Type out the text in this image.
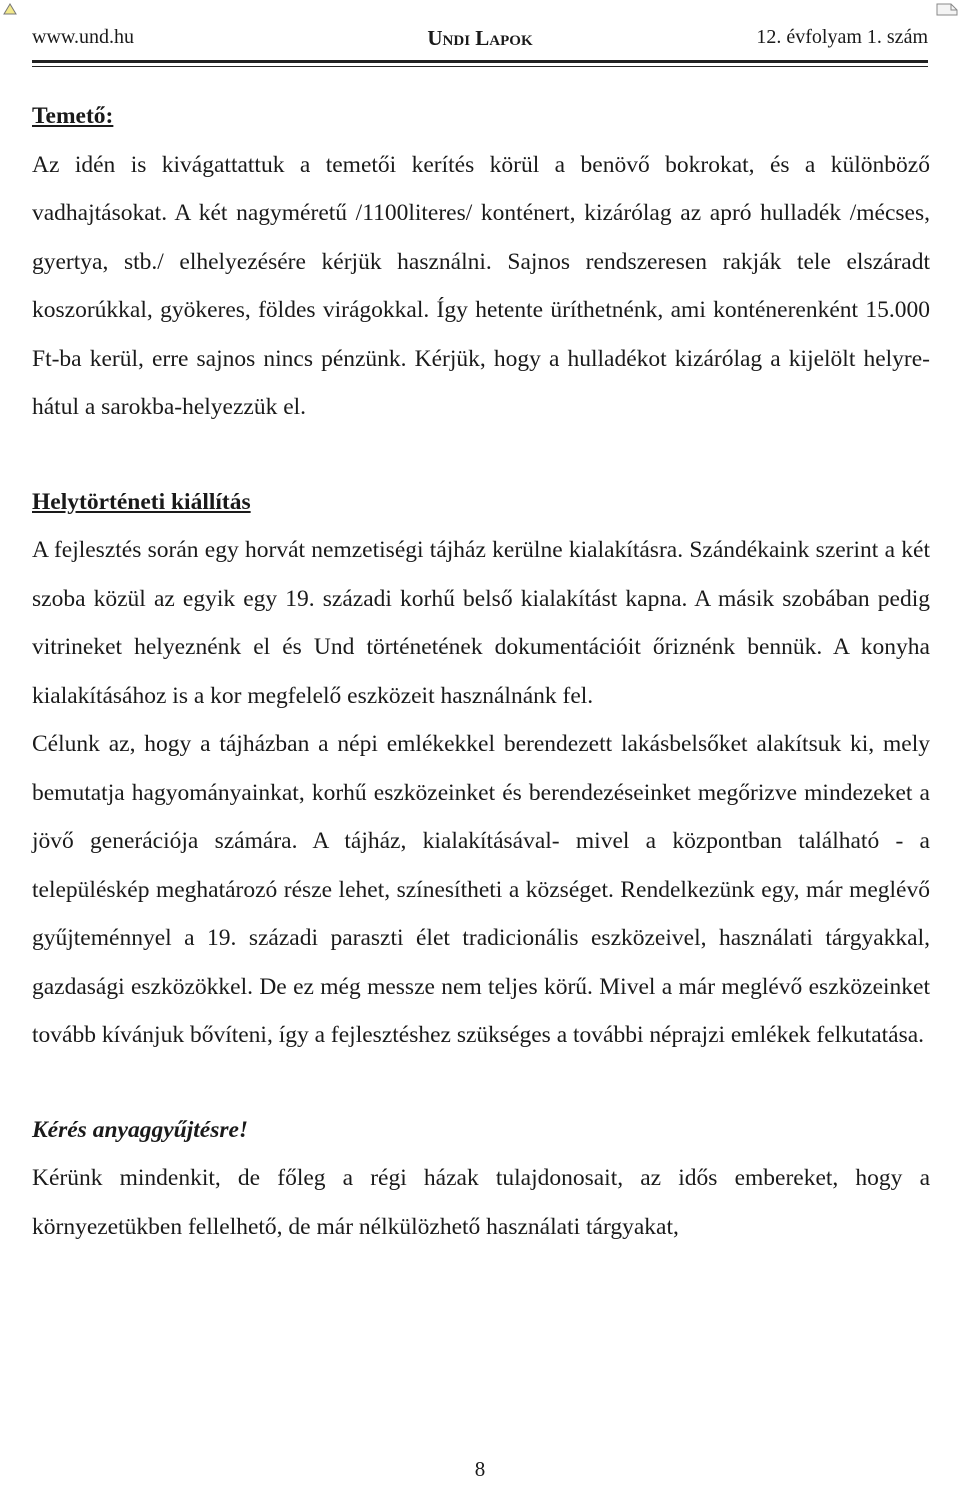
www.und.hu	Undi Lapok	12. évfolyam 1. szám
Temető:

Az idén is kivágattattuk a temetői kerítés körül a benövő bokrokat, és a különböző vadhajtásokat. A két nagyméretű /1100literes/ konténert, kizárólag az apró hulladék /mécses, gyertya, stb./ elhelyezésére kérjük használni. Sajnos rendszeresen rakják tele elszáradt koszorúkkal, gyökeres, földes virágokkal. Így hetente üríthetnénk, ami konténerenként 15.000 Ft-ba kerül, erre sajnos nincs pénzünk. Kérjük, hogy a hulladékot kizárólag a kijelölt helyre-hátul a sarokba-helyezzük el.

Helytörténeti kiállítás

A fejlesztés során egy horvát nemzetiségi tájház kerülne kialakításra. Szándékaink szerint a két szoba közül az egyik egy 19. századi korhű belső kialakítást kapna. A másik szobában pedig vitrineket helyeznénk el és Und történetének dokumentációit őriznénk bennük. A konyha kialakításához is a kor megfelelő eszközeit használnánk fel.

Célunk az, hogy a tájházban a népi emlékekkel berendezett lakásbelsőket alakítsuk ki, mely bemutatja hagyományainkat, korhű eszközeinket és berendezéseinket megőrizve mindezeket a jövő generációja számára. A tájház, kialakításával- mivel a központban található - a településkép meghatározó része lehet, színesítheti a községet. Rendelkezünk egy, már meglévő gyűjteménnyel a 19. századi paraszti élet tradicionális eszközeivel, használati tárgyakkal, gazdasági eszközökkel. De ez még messze nem teljes körű. Mivel a már meglévő eszközeinket tovább kívánjuk bővíteni, így a fejlesztéshez szükséges a további néprajzi emlékek felkutatása.

Kérés anyaggyűjtésre!

Kérünk mindenkit, de főleg a régi házak tulajdonosait, az idős embereket, hogy a környezetükben fellelhető, de már nélkülözhető használati tárgyakat,

8
